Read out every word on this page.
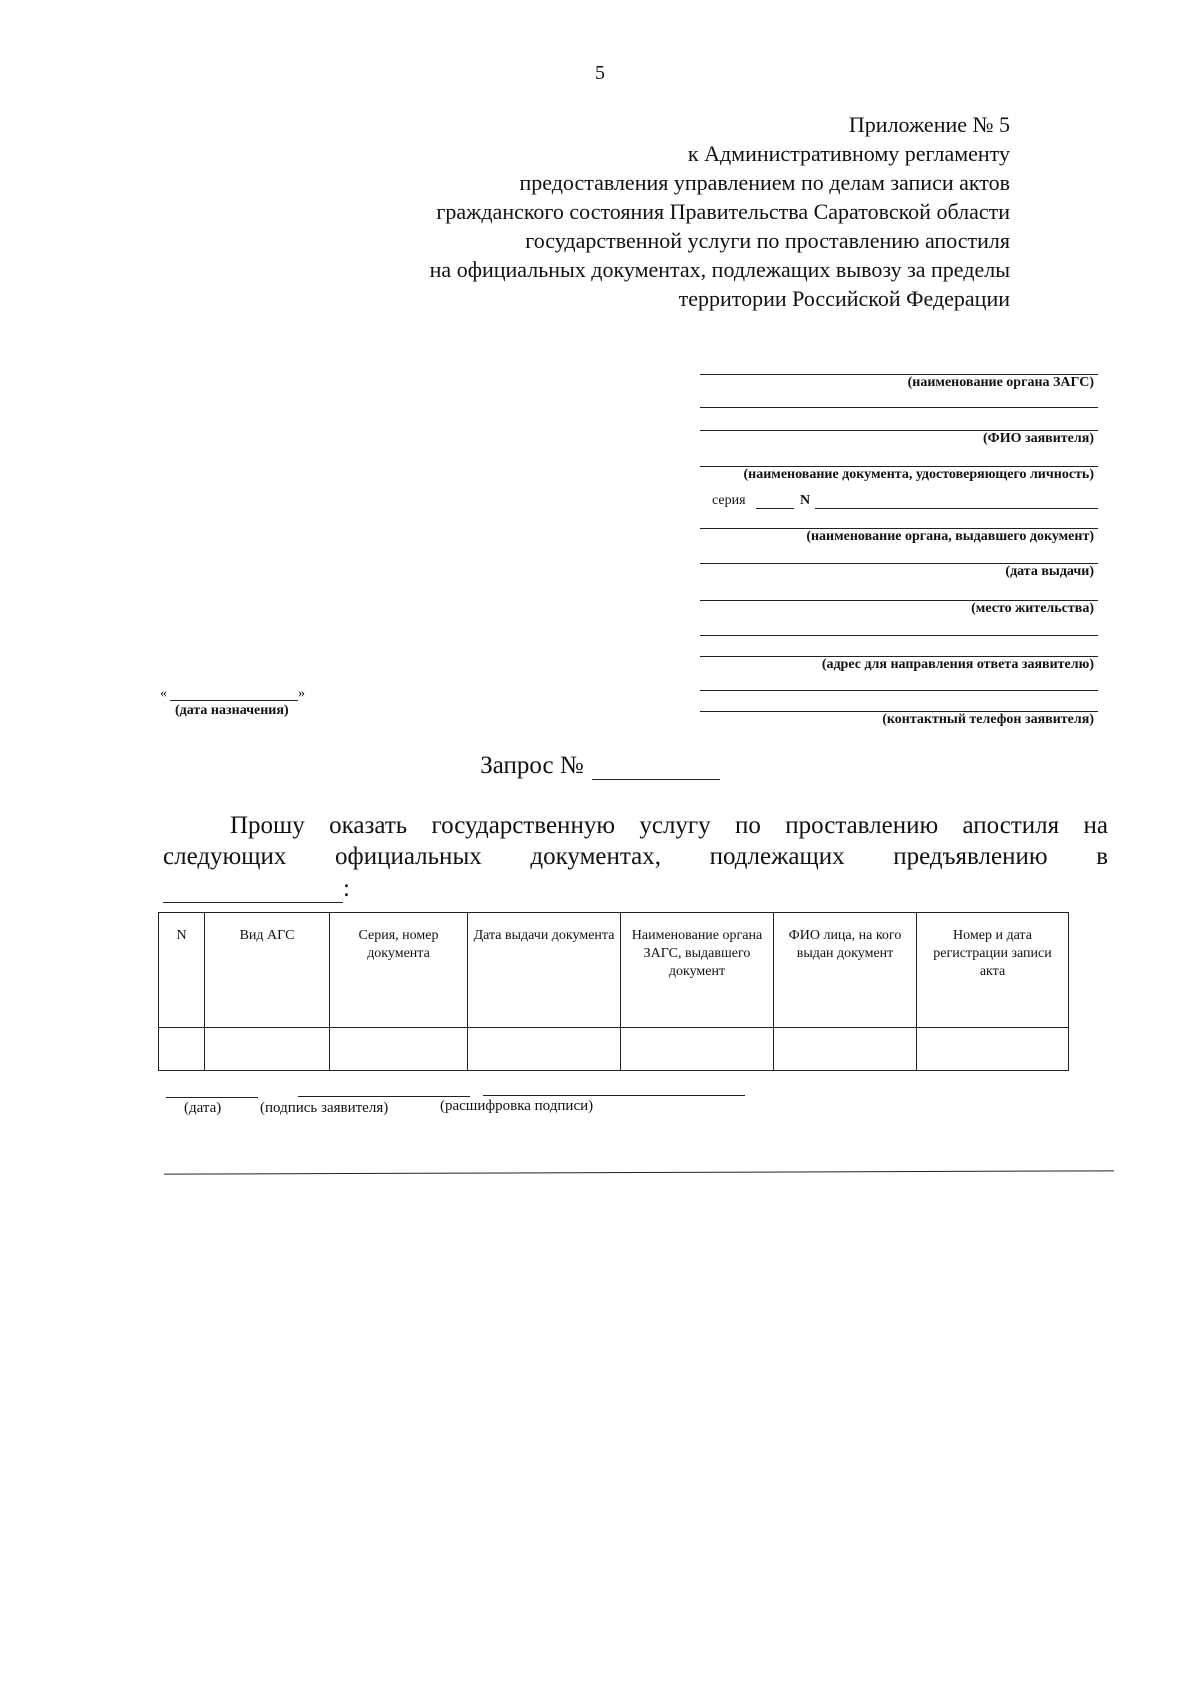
5
Приложение № 5
к Административному регламенту
предоставления управлением по делам записи актов
гражданского состояния Правительства Саратовской области
государственной услуги по проставлению апостиля
на официальных документах, подлежащих вывозу за пределы
территории Российской Федерации
(наименование органа ЗАГС)
(ФИО заявителя)
(наименование документа, удостоверяющего личность)
серия	N
(наименование органа, выдавшего документ)
(дата выдачи)
(место жительства)
(адрес для направления ответа заявителю)
(контактный телефон заявителя)
«	»
(дата назначения)
Запрос №
Прошу оказать государственную услугу по проставлению апостиля на
следующих официальных документах, подлежащих предъявлению в
:
N	Вид АГС	Серия, номер документа	Дата выдачи документа	Наименование органа ЗАГС, выдавшего документ	ФИО лица, на кого выдан документ	Номер и дата регистрации записи акта

(дата)	(подпись заявителя)	(расшифровка подписи)
